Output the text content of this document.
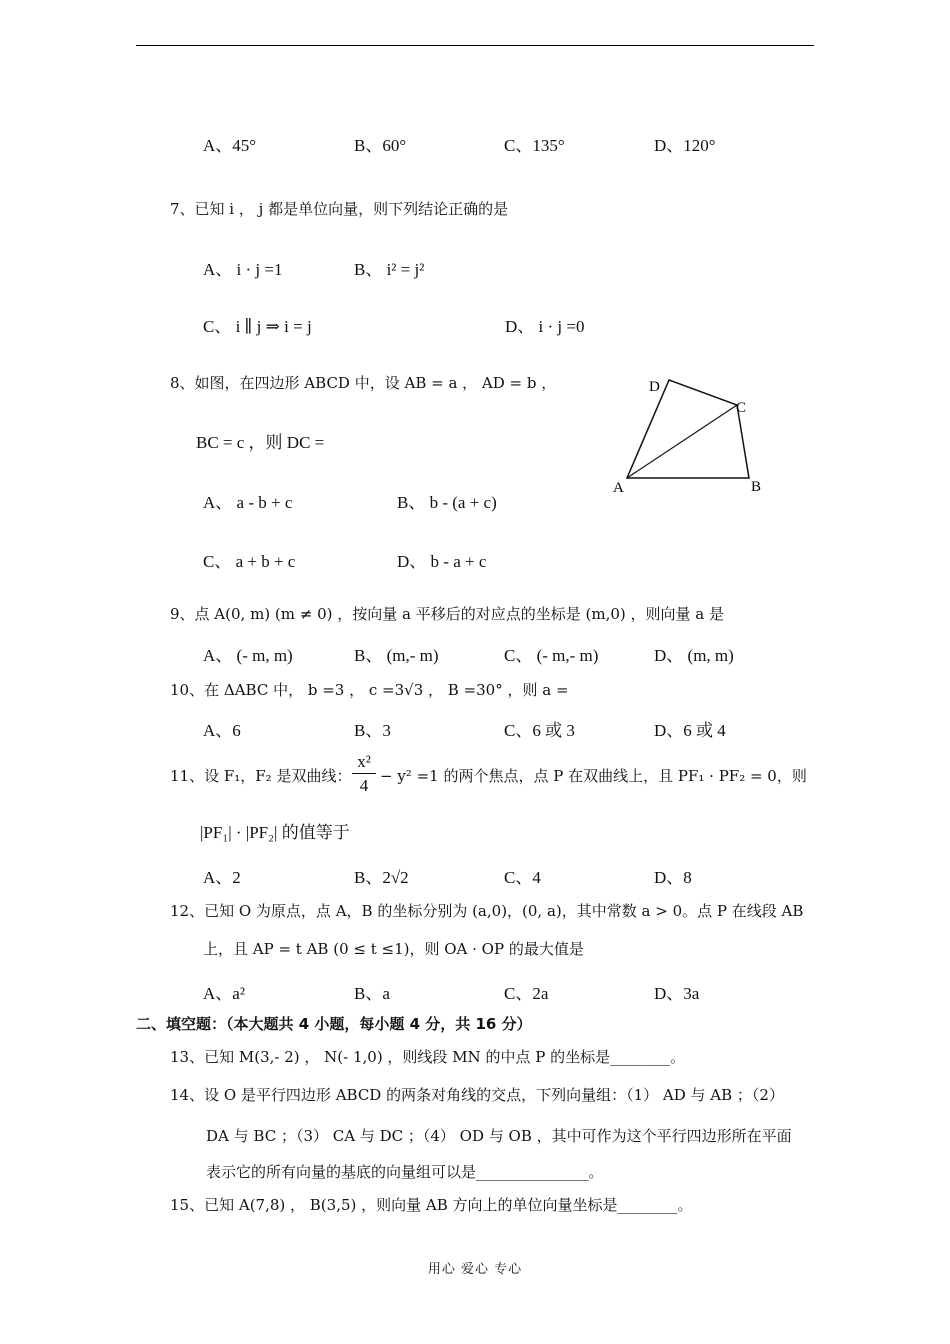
A、45°	B、60°	C、135°	D、120°
7、已知 i ， j 都是单位向量，则下列结论正确的是
A、 i · j =1	B、 i² = j²
C、 i ∥ j ⇒ i = j	D、 i · j =0
8、如图，在四边形 ABCD 中，设 AB = a ， AD = b ，
BC = c ，则 DC =
A、 a - b + c	B、 b - (a + c)
C、 a + b + c	D、 b - a + c
D
C
A	B
9、点 A(0, m) (m ≠ 0) ，按向量 a 平移后的对应点的坐标是 (m,0) ，则向量 a 是
A、 (- m, m)	B、 (m,- m)	C、 (- m,- m)	D、 (m, m)
10、在 ΔABC 中， b =3 ， c =3√3 ， B =30° ，则 a =
A、6	B、3	C、6 或 3	D、6 或 4
11、设 F₁，F₂ 是双曲线：
x²
4 − y² =1 的两个焦点，点 P 在双曲线上，且 PF₁ · PF₂ = 0，则
|PF₁| · |PF₂| 的值等于
A、2	B、2√2	C、4	D、8
12、已知 O 为原点，点 A，B 的坐标分别为 (a,0)，(0, a)，其中常数 a > 0。点 P 在线段 AB
上，且 AP = t AB (0 ≤ t ≤1)，则 OA · OP 的最大值是
A、a²	B、a	C、2a	D、3a
二、填空题：（本大题共 4 小题，每小题 4 分，共 16 分）
13、已知 M(3,- 2) ， N(- 1,0) ，则线段 MN 的中点 P 的坐标是________。
14、设 O 是平行四边形 ABCD 的两条对角线的交点，下列向量组：（1） AD 与 AB ；（2）
DA 与 BC ；（3） CA 与 DC ；（4） OD 与 OB ，其中可作为这个平行四边形所在平面
表示它的所有向量的基底的向量组可以是_______________。
15、已知 A(7,8) ， B(3,5) ，则向量 AB 方向上的单位向量坐标是________。
用心 爱心 专心
